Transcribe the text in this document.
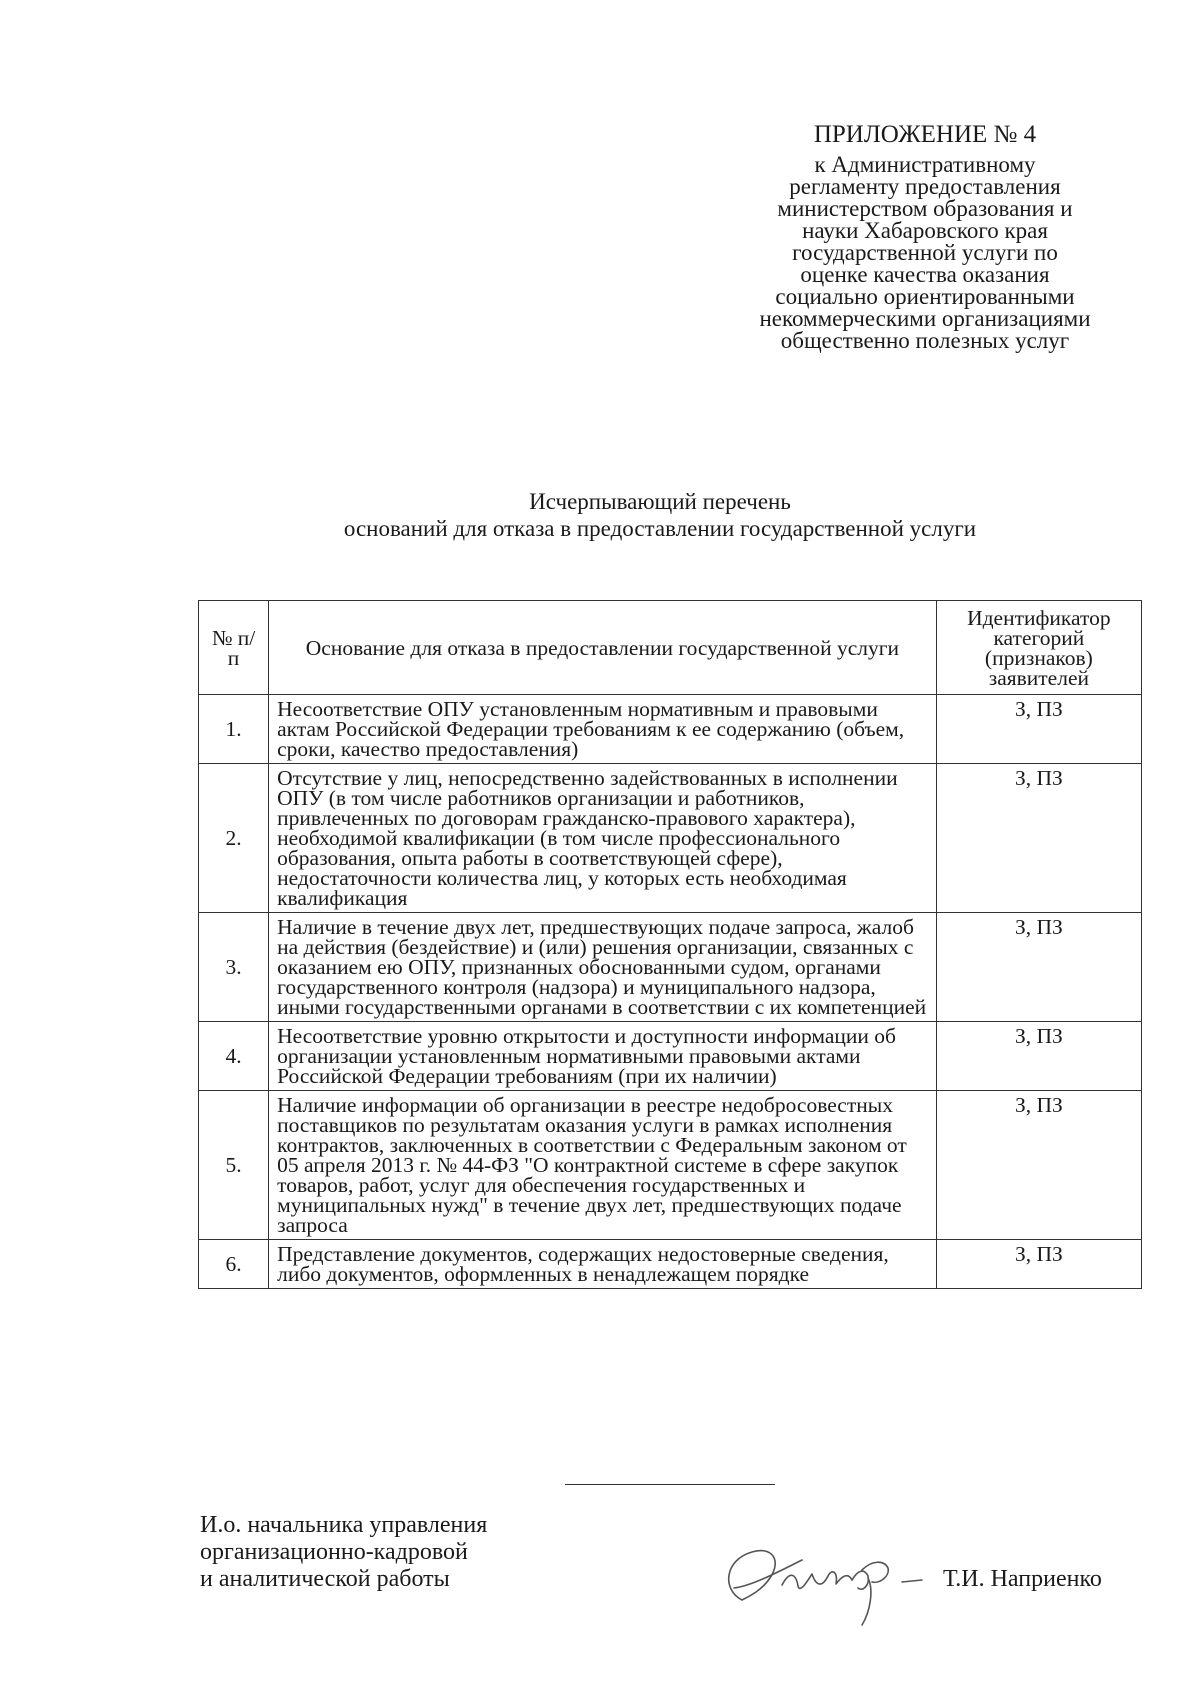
ПРИЛОЖЕНИЕ № 4
к Административному
регламенту предоставления
министерством образования и
науки Хабаровского края
государственной услуги по
оценке качества оказания
социально ориентированными
некоммерческими организациями
общественно полезных услуг
Исчерпывающий перечень
оснований для отказа в предоставлении государственной услуги
№ п/п	Основание для отказа в предоставлении государственной услуги	Идентификатор категорий (признаков) заявителей
1.	Несоответствие ОПУ установленным нормативным и правовыми актам Российской Федерации требованиям к ее содержанию (объем, сроки, качество предоставления)	З, ПЗ
2.	Отсутствие у лиц, непосредственно задействованных в исполнении ОПУ (в том числе работников организации и работников, привлеченных по договорам гражданско-правового характера), необходимой квалификации (в том числе профессионального образования, опыта работы в соответствующей сфере), недостаточности количества лиц, у которых есть необходимая квалификация	З, ПЗ
3.	Наличие в течение двух лет, предшествующих подаче запроса, жалоб на действия (бездействие) и (или) решения организации, связанных с оказанием ею ОПУ, признанных обоснованными судом, органами государственного контроля (надзора) и муниципального надзора, иными государственными органами в соответствии с их компетенцией	З, ПЗ
4.	Несоответствие уровню открытости и доступности информации об организации установленным нормативными правовыми актами Российской Федерации требованиям (при их наличии)	З, ПЗ
5.	Наличие информации об организации в реестре недобросовестных поставщиков по результатам оказания услуги в рамках исполнения контрактов, заключенных в соответствии с Федеральным законом от 05 апреля 2013 г. № 44-ФЗ "О контрактной системе в сфере закупок товаров, работ, услуг для обеспечения государственных и муниципальных нужд" в течение двух лет, предшествующих подаче запроса	З, ПЗ
6.	Представление документов, содержащих недостоверные сведения, либо документов, оформленных в ненадлежащем порядке	З, ПЗ
И.о. начальника управления
организационно-кадровой
и аналитической работы	Т.И. Наприенко
